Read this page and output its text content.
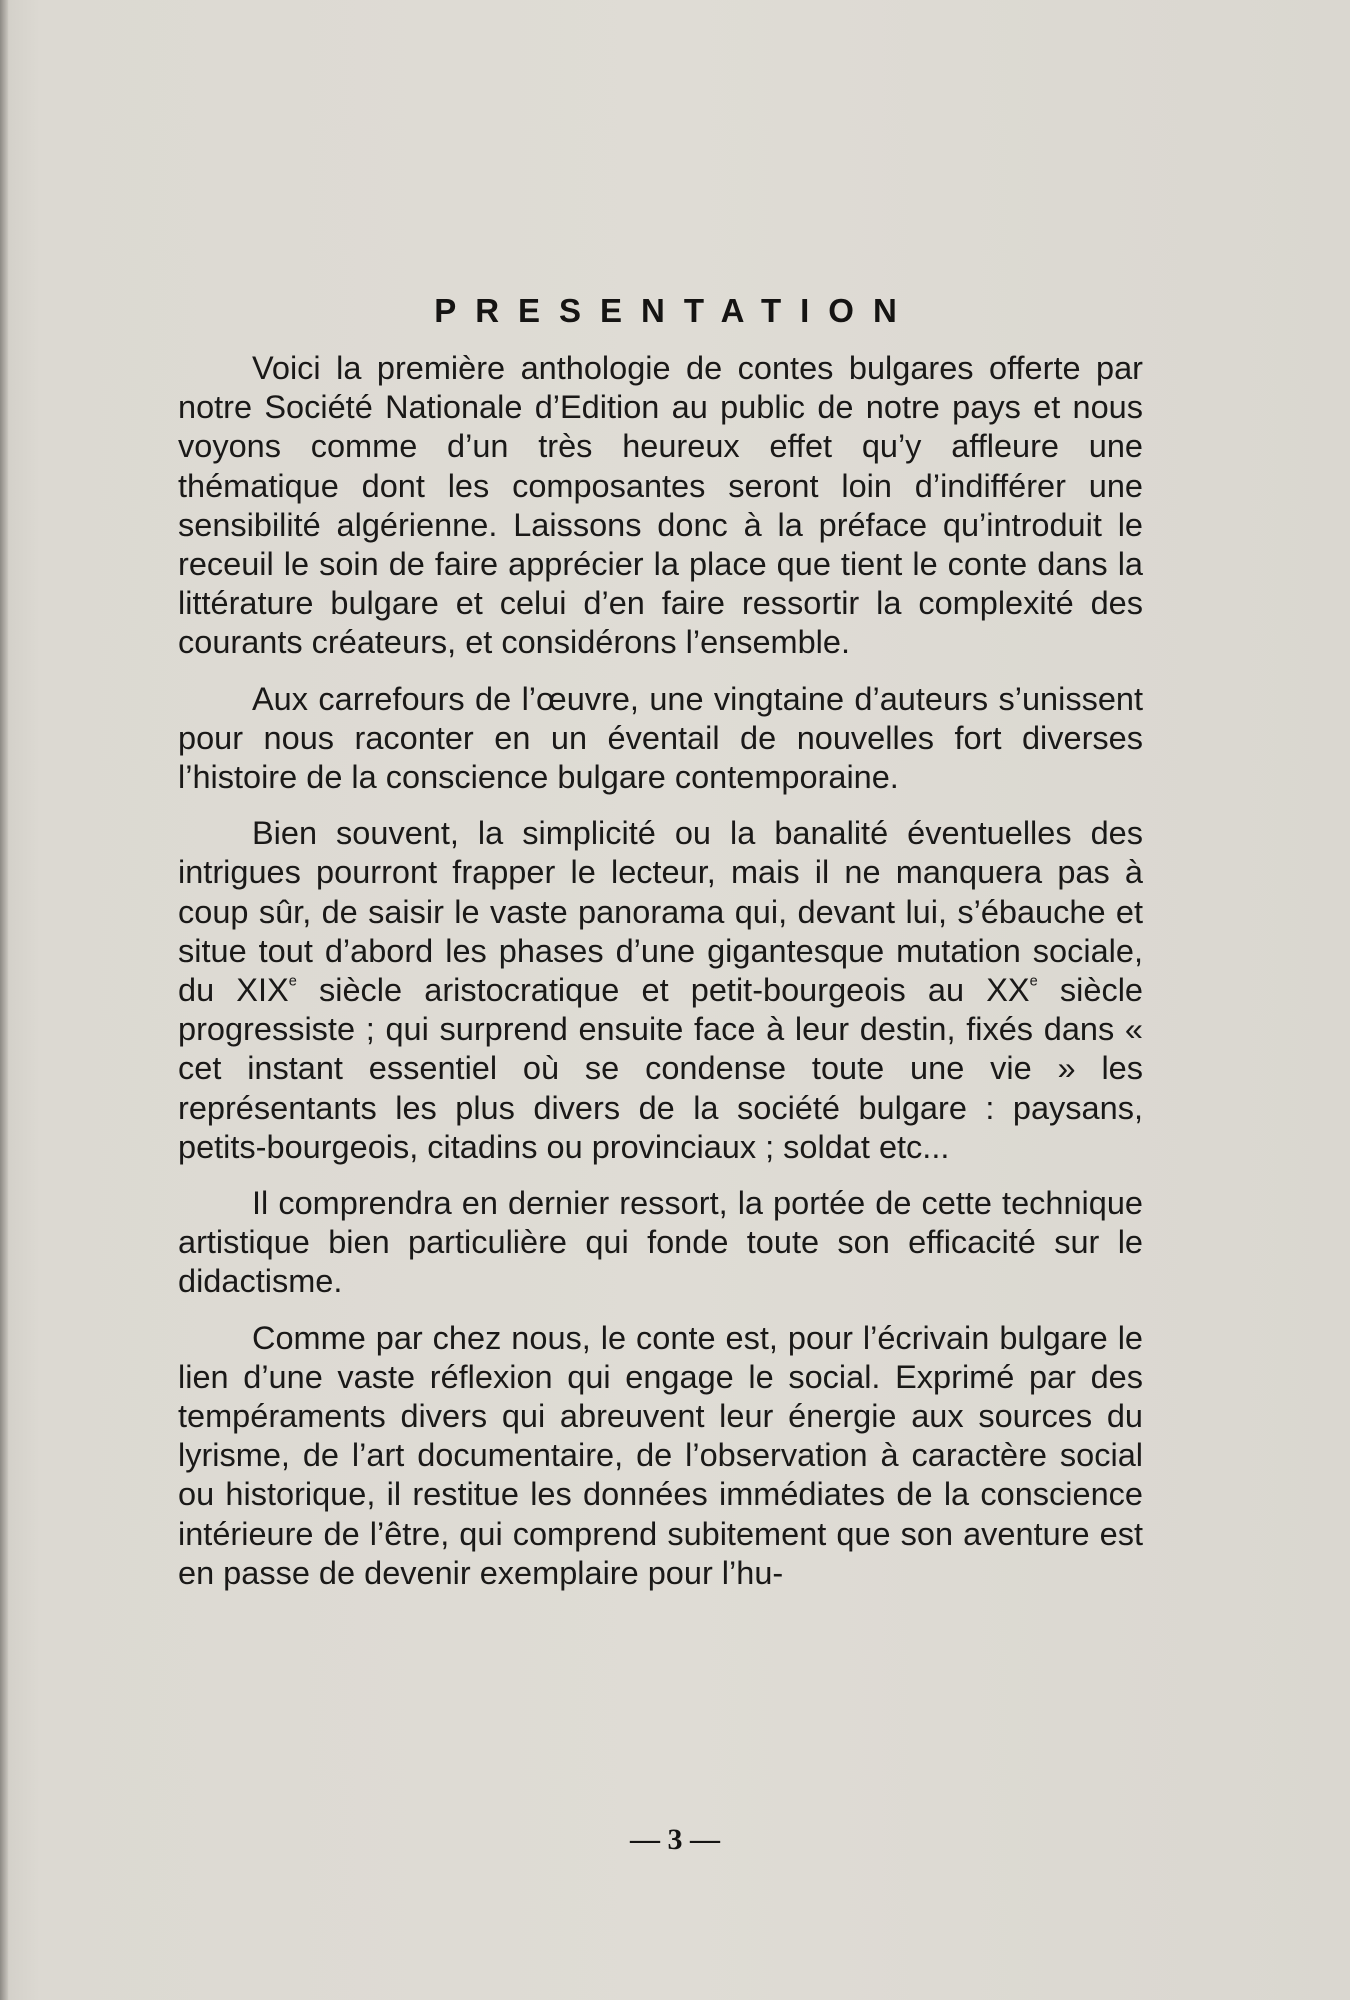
PRESENTATION

Voici la première anthologie de contes bulgares offerte par notre Société Nationale d’Edition au public de notre pays et nous voyons comme d’un très heureux effet qu’y affleure une thématique dont les composantes seront loin d’indifférer une sensibilité algérienne. Laissons donc à la préface qu’introduit le receuil le soin de faire apprécier la place que tient le conte dans la littérature bulgare et celui d’en faire ressortir la complexité des courants créateurs, et considérons l’ensemble.

Aux carrefours de l’œuvre, une vingtaine d’auteurs s’unissent pour nous raconter en un éventail de nouvelles fort diverses l’histoire de la conscience bulgare contemporaine.

Bien souvent, la simplicité ou la banalité éventuelles des intrigues pourront frapper le lecteur, mais il ne manquera pas à coup sûr, de saisir le vaste panorama qui, devant lui, s’ébauche et situe tout d’abord les phases d’une gigantesque mutation sociale, du XIXe siècle aristocratique et petit-bourgeois au XXe siècle progressiste ; qui surprend ensuite face à leur destin, fixés dans « cet instant essentiel où se condense toute une vie » les représentants les plus divers de la société bulgare : paysans, petits-bourgeois, citadins ou provinciaux ; soldat etc...

Il comprendra en dernier ressort, la portée de cette technique artistique bien particulière qui fonde toute son efficacité sur le didactisme.

Comme par chez nous, le conte est, pour l’écrivain bulgare le lien d’une vaste réflexion qui engage le social. Exprimé par des tempéraments divers qui abreuvent leur énergie aux sources du lyrisme, de l’art documentaire, de l’observation à caractère social ou historique, il restitue les données immédiates de la conscience intérieure de l’être, qui comprend subitement que son aventure est en passe de devenir exemplaire pour l’hu-

— 3 —
